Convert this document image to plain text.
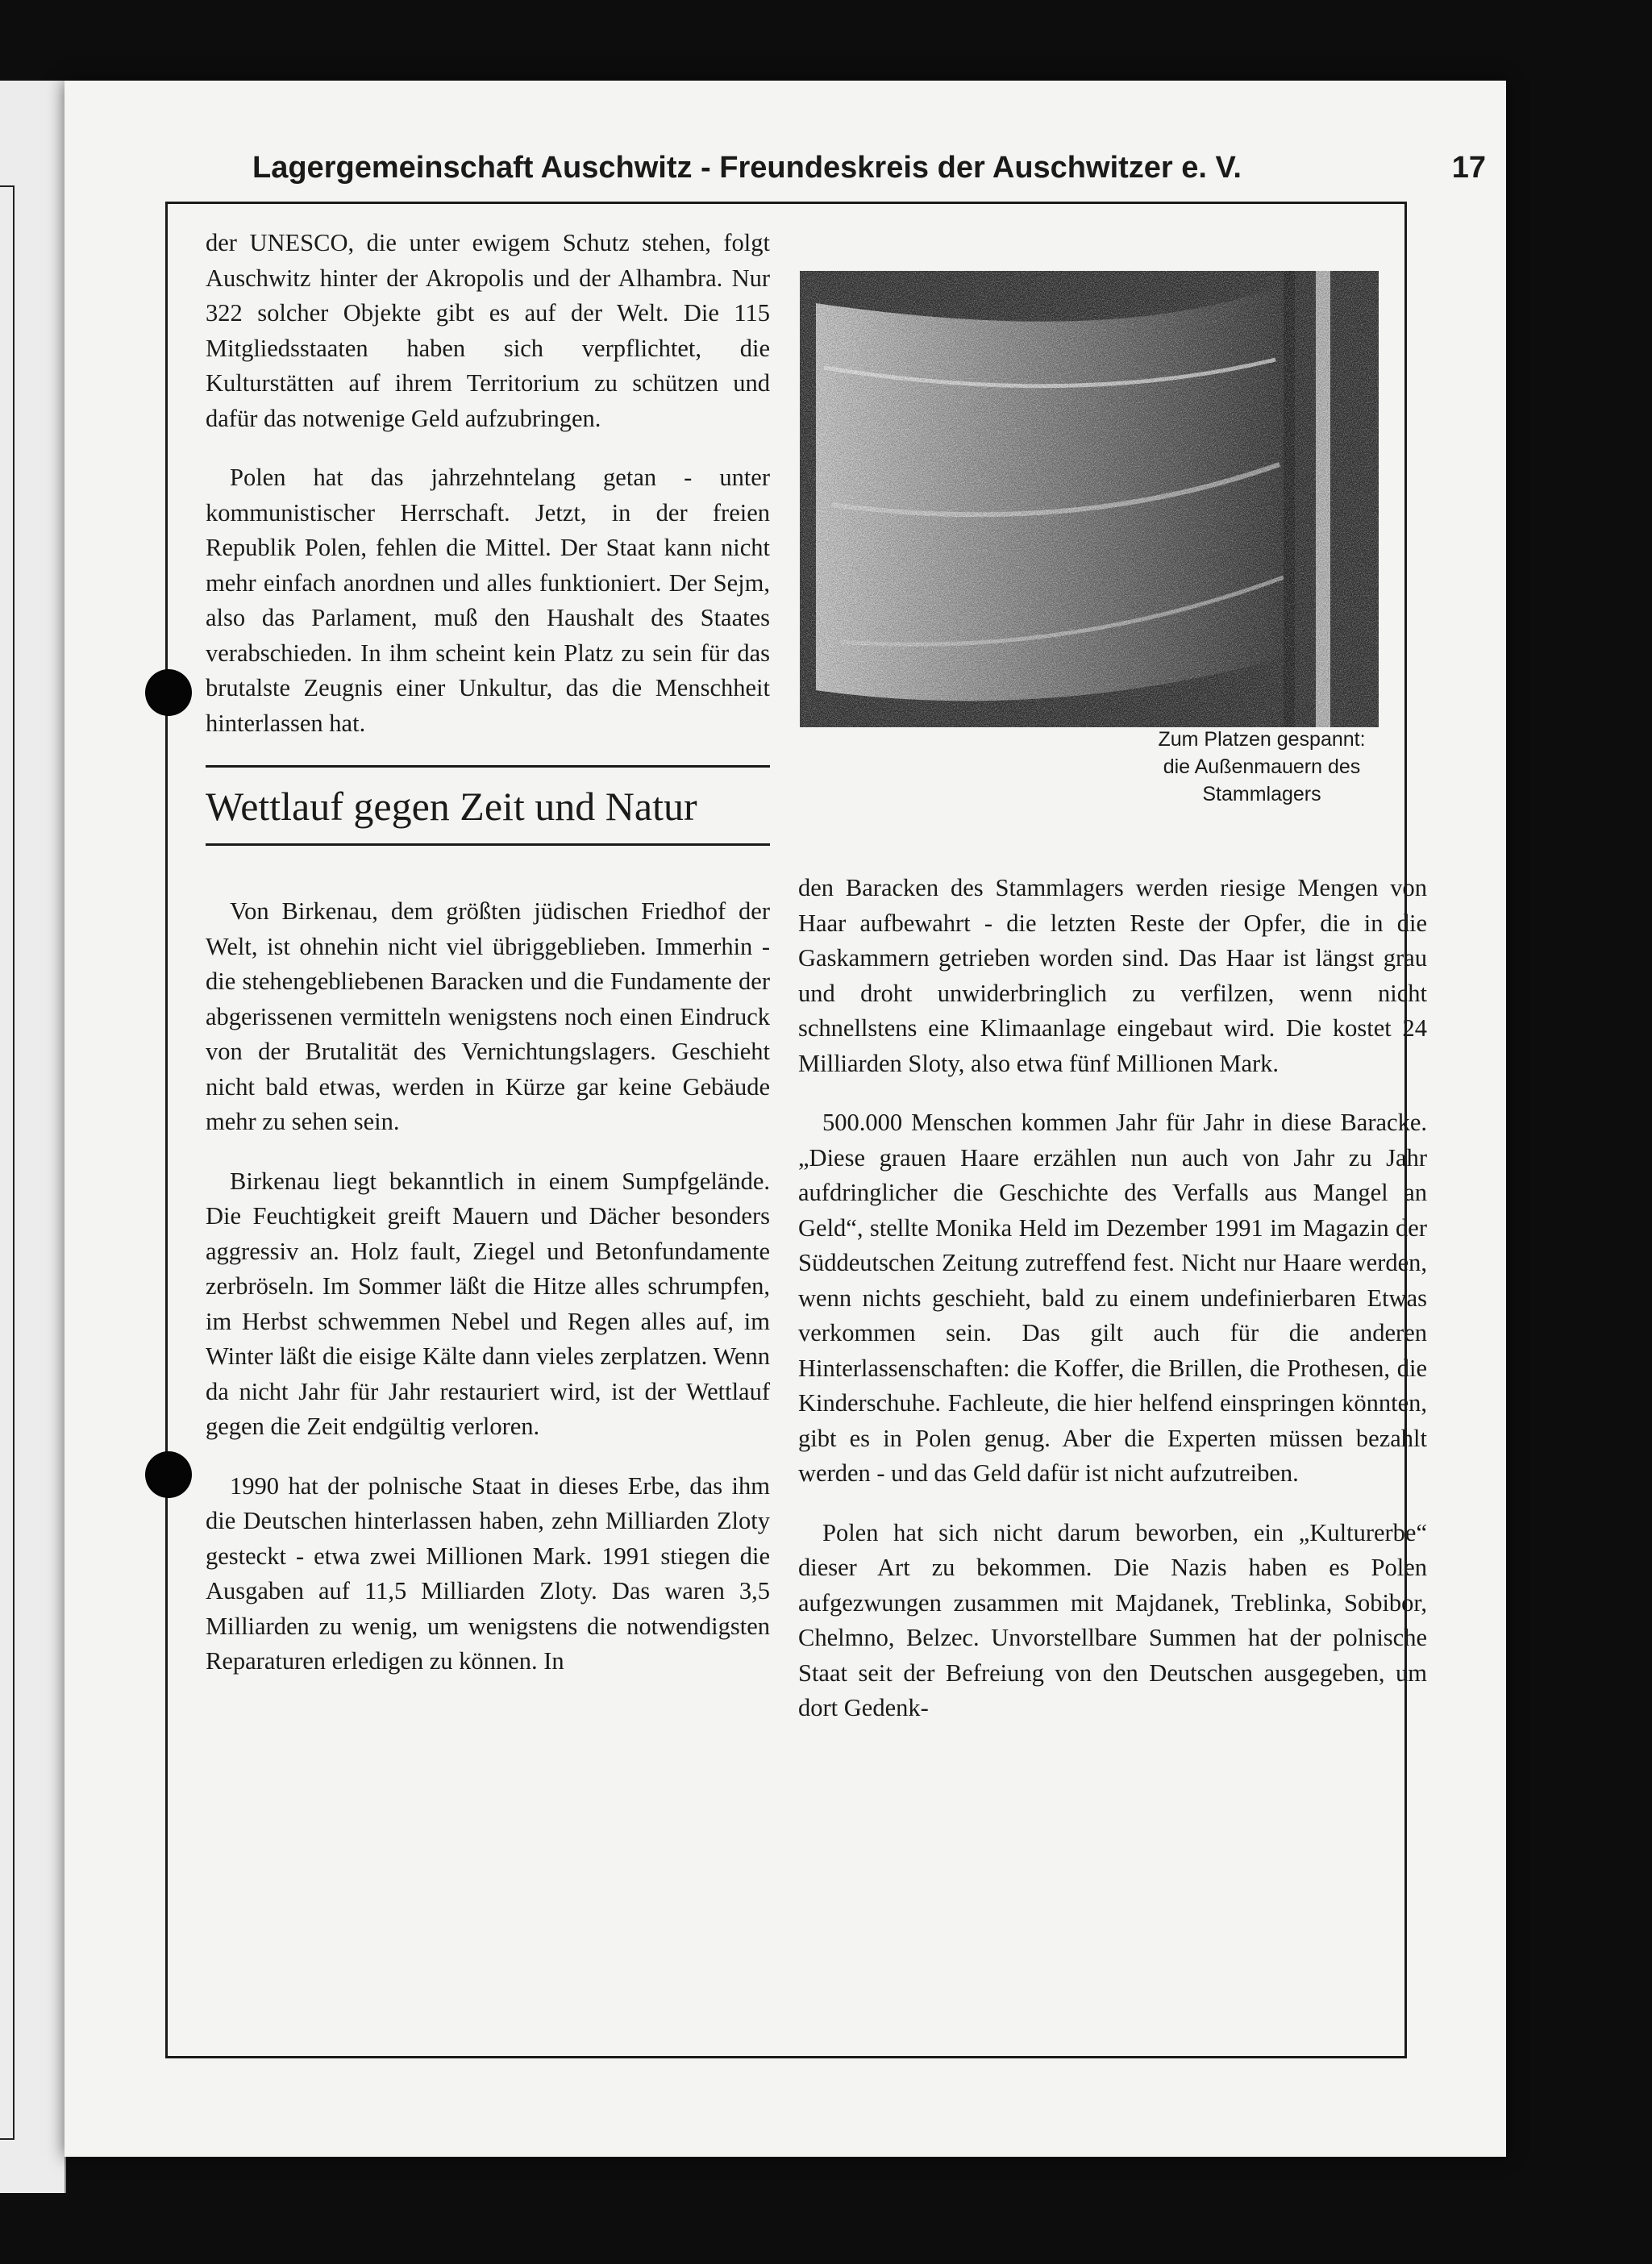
Lagergemeinschaft Auschwitz - Freundeskreis der Auschwitzer e. V.	17
Zum Platzen gespannt: die Außenmauern des Stammlagers

der UNESCO, die unter ewigem Schutz stehen, folgt Auschwitz hinter der Akropolis und der Alhambra. Nur 322 solcher Objekte gibt es auf der Welt. Die 115 Mitgliedsstaaten haben sich verpflichtet, die Kulturstätten auf ihrem Territorium zu schützen und dafür das notwenige Geld aufzubringen.

Polen hat das jahrzehntelang getan - unter kommunistischer Herrschaft. Jetzt, in der freien Republik Polen, fehlen die Mittel. Der Staat kann nicht mehr einfach anordnen und alles funktioniert. Der Sejm, also das Parlament, muß den Haushalt des Staates verabschieden. In ihm scheint kein Platz zu sein für das brutalste Zeugnis einer Unkultur, das die Menschheit hinterlassen hat.

Wettlauf gegen Zeit und Natur

Von Birkenau, dem größten jüdischen Friedhof der Welt, ist ohnehin nicht viel übriggeblieben. Immerhin - die stehengebliebenen Baracken und die Fundamente der abgerissenen vermitteln wenigstens noch einen Eindruck von der Brutalität des Vernichtungslagers. Geschieht nicht bald etwas, werden in Kürze gar keine Gebäude mehr zu sehen sein.

Birkenau liegt bekanntlich in einem Sumpfgelände. Die Feuchtigkeit greift Mauern und Dächer besonders aggressiv an. Holz fault, Ziegel und Betonfundamente zerbröseln. Im Sommer läßt die Hitze alles schrumpfen, im Herbst schwemmen Nebel und Regen alles auf, im Winter läßt die eisige Kälte dann vieles zerplatzen. Wenn da nicht Jahr für Jahr restauriert wird, ist der Wettlauf gegen die Zeit endgültig verloren.

1990 hat der polnische Staat in dieses Erbe, das ihm die Deutschen hinterlassen haben, zehn Milliarden Zloty gesteckt - etwa zwei Millionen Mark. 1991 stiegen die Ausgaben auf 11,5 Milliarden Zloty. Das waren 3,5 Milliarden zu wenig, um wenigstens die notwendigsten Reparaturen erledigen zu können. In

den Baracken des Stammlagers werden riesige Mengen von Haar aufbewahrt - die letzten Reste der Opfer, die in die Gaskammern getrieben worden sind. Das Haar ist längst grau und droht unwiderbringlich zu verfilzen, wenn nicht schnellstens eine Klimaanlage eingebaut wird. Die kostet 24 Milliarden Sloty, also etwa fünf Millionen Mark.

500.000 Menschen kommen Jahr für Jahr in diese Baracke. „Diese grauen Haare erzählen nun auch von Jahr zu Jahr aufdringlicher die Geschichte des Verfalls aus Mangel an Geld“, stellte Monika Held im Dezember 1991 im Magazin der Süddeutschen Zeitung zutreffend fest. Nicht nur Haare werden, wenn nichts geschieht, bald zu einem undefinierbaren Etwas verkommen sein. Das gilt auch für die anderen Hinterlassenschaften: die Koffer, die Brillen, die Prothesen, die Kinderschuhe. Fachleute, die hier helfend einspringen könnten, gibt es in Polen genug. Aber die Experten müssen bezahlt werden - und das Geld dafür ist nicht aufzutreiben.

Polen hat sich nicht darum beworben, ein „Kulturerbe“ dieser Art zu bekommen. Die Nazis haben es Polen aufgezwungen zusammen mit Majdanek, Treblinka, Sobibor, Chelmno, Belzec. Unvorstellbare Summen hat der polnische Staat seit der Befreiung von den Deutschen ausgegeben, um dort Gedenk-
